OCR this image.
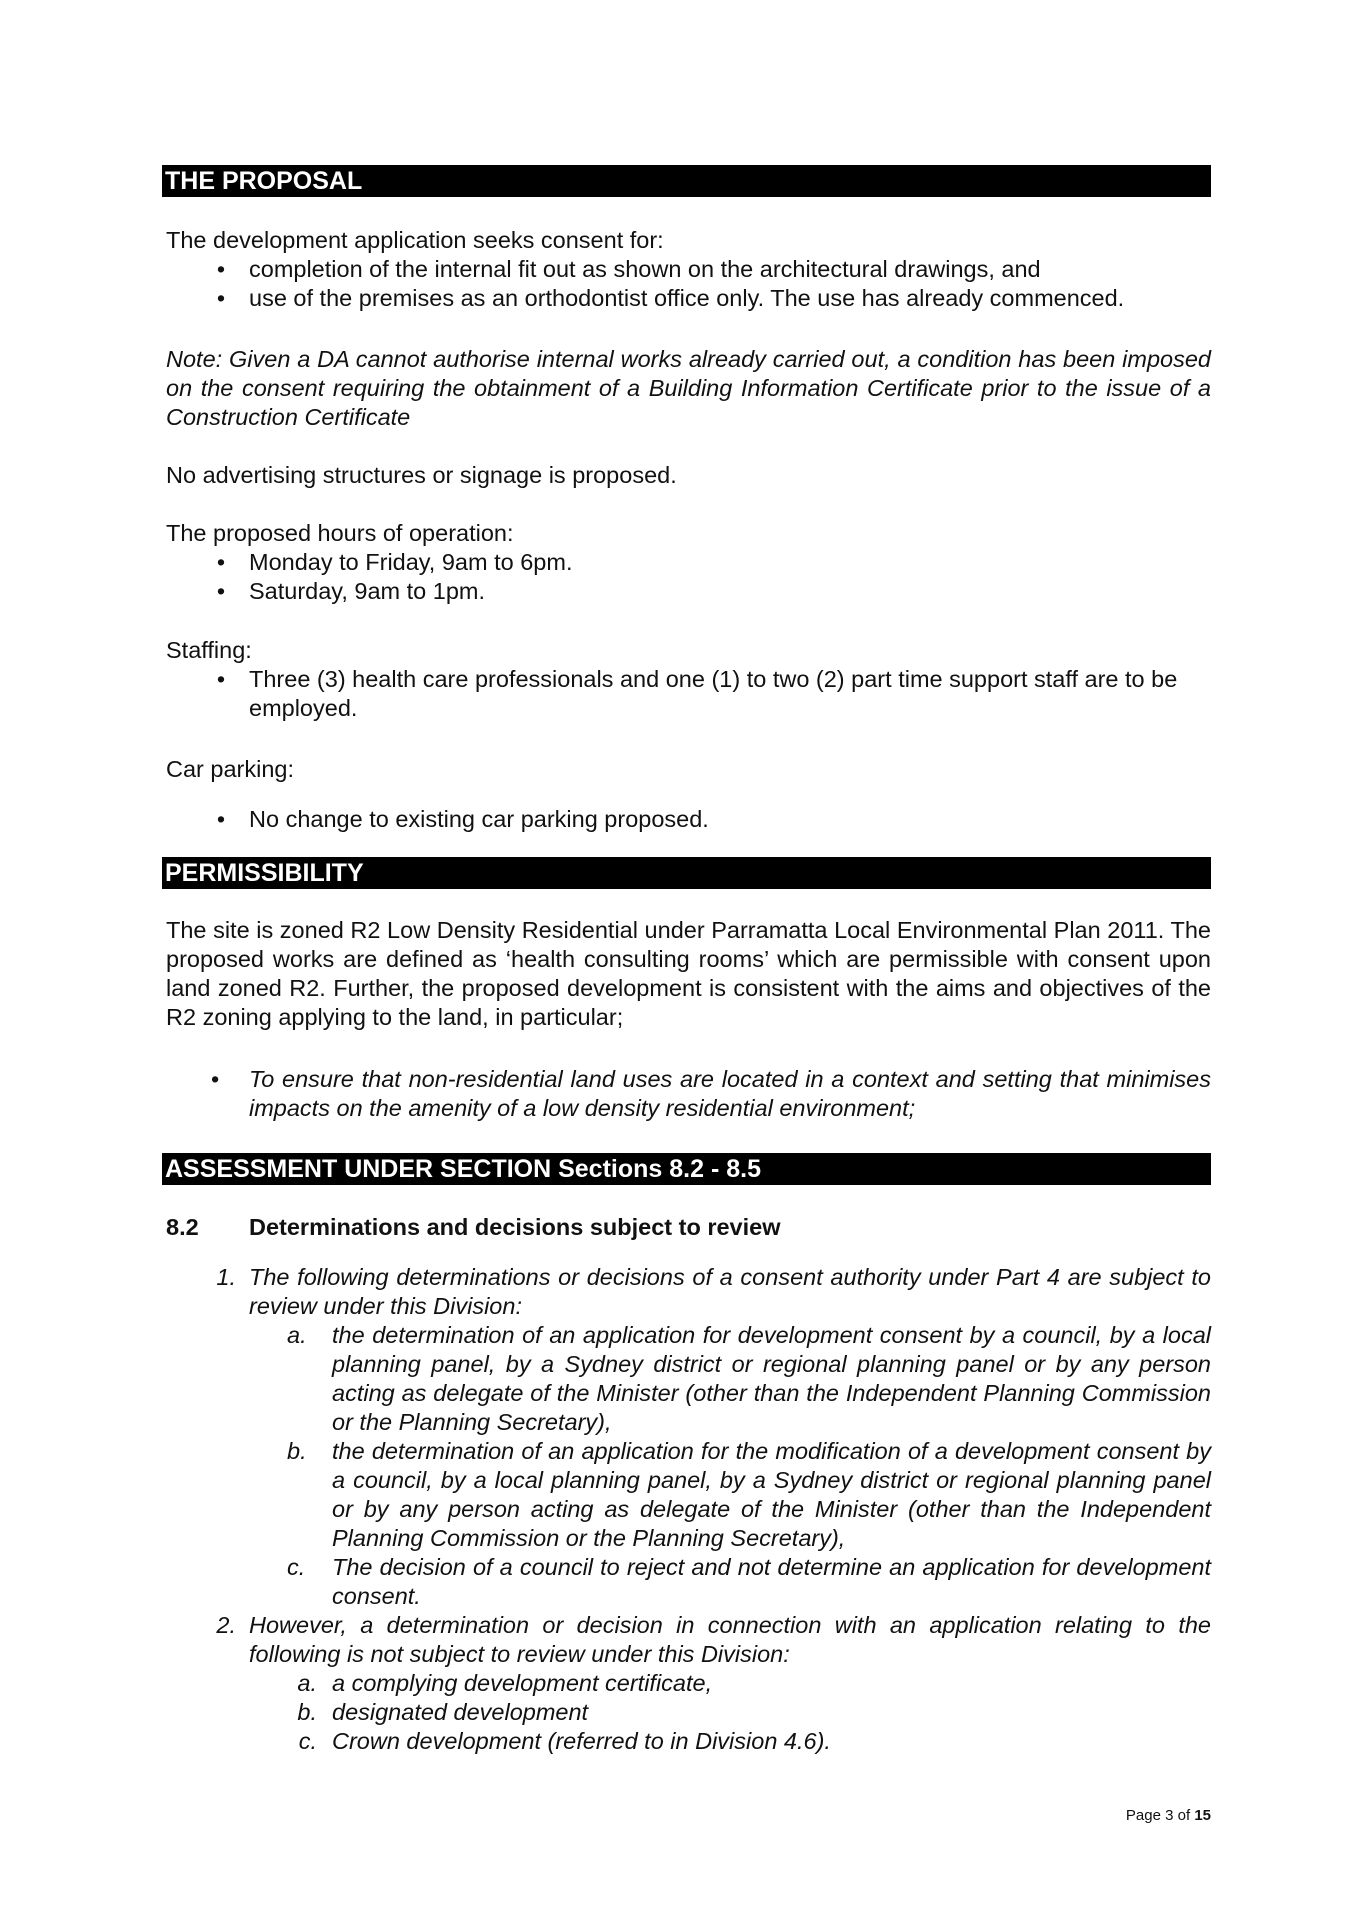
THE PROPOSAL

The development application seeks consent for:

• completion of the internal fit out as shown on the architectural drawings, and
• use of the premises as an orthodontist office only. The use has already commenced.

Note: Given a DA cannot authorise internal works already carried out, a condition has been imposed on the consent requiring the obtainment of a Building Information Certificate prior to the issue of a Construction Certificate

No advertising structures or signage is proposed.

The proposed hours of operation:

• Monday to Friday, 9am to 6pm.
• Saturday, 9am to 1pm.

Staffing:

• Three (3) health care professionals and one (1) to two (2) part time support staff are to be employed.

Car parking:

• No change to existing car parking proposed.
PERMISSIBILITY

The site is zoned R2 Low Density Residential under Parramatta Local Environmental Plan 2011. The proposed works are defined as ‘health consulting rooms’ which are permissible with consent upon land zoned R2. Further, the proposed development is consistent with the aims and objectives of the R2 zoning applying to the land, in particular;

•	To ensure that non-residential land uses are located in a context and setting that minimises impacts on the amenity of a low density residential environment;
ASSESSMENT UNDER SECTION Sections 8.2 - 8.5

8.2 Determinations and decisions subject to review

1. The following determinations or decisions of a consent authority under Part 4 are subject to review under this Division:
a.	the determination of an application for development consent by a council, by a local planning panel, by a Sydney district or regional planning panel or by any person acting as delegate of the Minister (other than the Independent Planning Commission or the Planning Secretary),
b.	the determination of an application for the modification of a development consent by a council, by a local planning panel, by a Sydney district or regional planning panel or by any person acting as delegate of the Minister (other than the Independent Planning Commission or the Planning Secretary),
c.	The decision of a council to reject and not determine an application for development consent.
2. However, a determination or decision in connection with an application relating to the following is not subject to review under this Division:
a. a complying development certificate,
b. designated development
c. Crown development (referred to in Division 4.6).
Page 3 of 15
